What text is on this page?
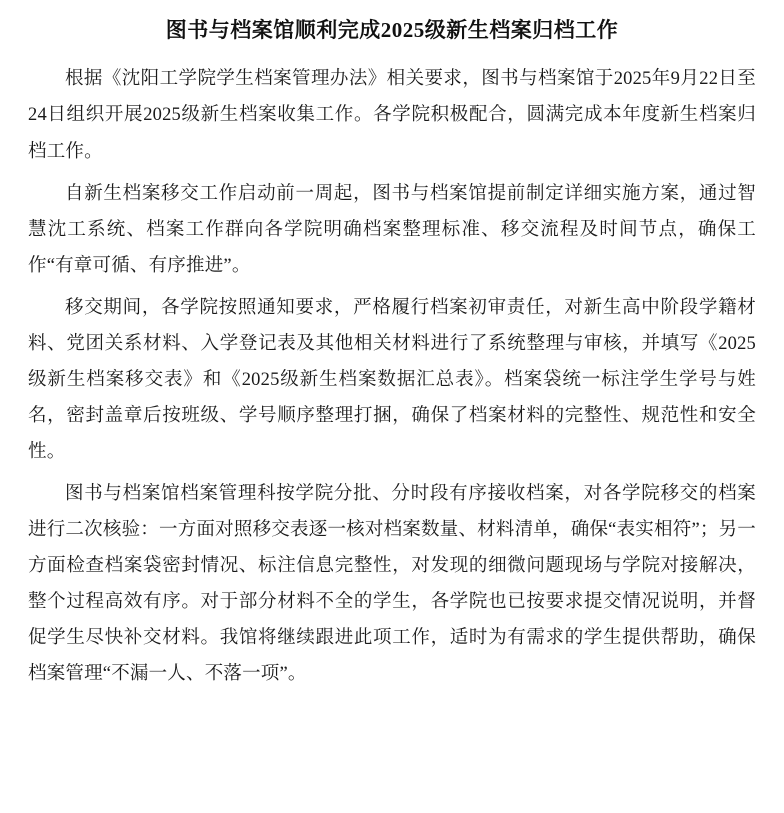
图书与档案馆顺利完成2025级新生档案归档工作

根据《沈阳工学院学生档案管理办法》相关要求，图书与档案馆于2025年9月22日至24日组织开展2025级新生档案收集工作。各学院积极配合，圆满完成本年度新生档案归档工作。

自新生档案移交工作启动前一周起，图书与档案馆提前制定详细实施方案，通过智慧沈工系统、档案工作群向各学院明确档案整理标准、移交流程及时间节点，确保工作“有章可循、有序推进”。

移交期间，各学院按照通知要求，严格履行档案初审责任，对新生高中阶段学籍材料、党团关系材料、入学登记表及其他相关材料进行了系统整理与审核，并填写《2025级新生档案移交表》和《2025级新生档案数据汇总表》。档案袋统一标注学生学号与姓名，密封盖章后按班级、学号顺序整理打捆，确保了档案材料的完整性、规范性和安全性。

图书与档案馆档案管理科按学院分批、分时段有序接收档案，对各学院移交的档案进行二次核验：一方面对照移交表逐一核对档案数量、材料清单，确保“表实相符”；另一方面检查档案袋密封情况、标注信息完整性，对发现的细微问题现场与学院对接解决，整个过程高效有序。对于部分材料不全的学生，各学院也已按要求提交情况说明，并督促学生尽快补交材料。我馆将继续跟进此项工作，适时为有需求的学生提供帮助，确保档案管理“不漏一人、不落一项”。
